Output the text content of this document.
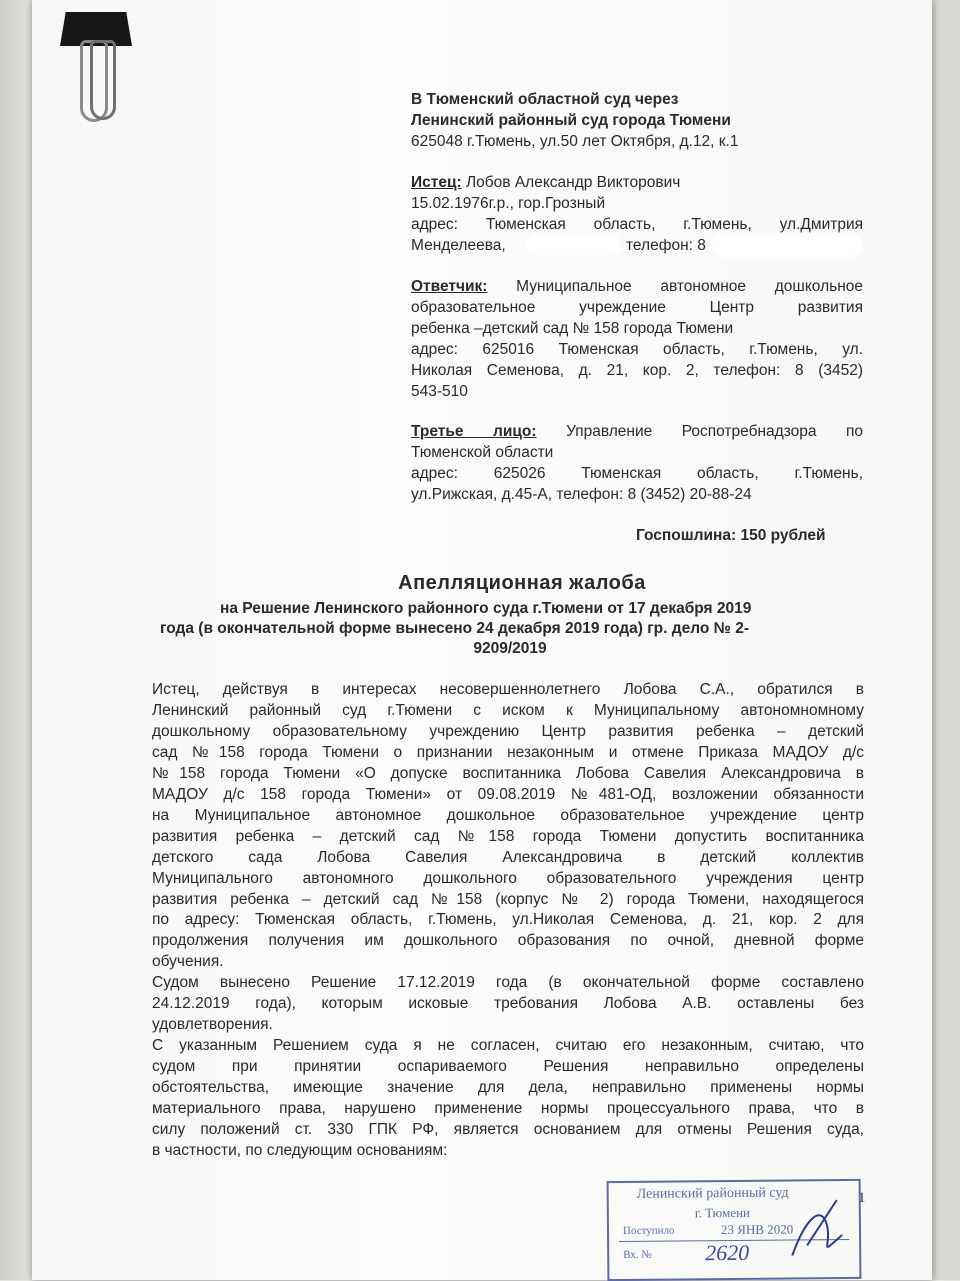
В Тюменский областной суд через
Ленинский районный суд города Тюмени
625048 г.Тюмень, ул.50 лет Октября, д.12, к.1
Истец: Лобов Александр Викторович
15.02.1976г.р., гор.Грозный
адрес: Тюменская область, г.Тюмень, ул.Дмитрия
Менделеева,	телефон: 8
Ответчик: Муниципальное автономное дошкольное
образовательное учреждение Центр развития
ребенка –детский сад № 158 города Тюмени
адрес: 625016 Тюменская область, г.Тюмень, ул.
Николая Семенова, д. 21, кор. 2, телефон: 8 (3452)
543-510
Третье лицо: Управление Роспотребнадзора по
Тюменской области
адрес: 625026 Тюменская область, г.Тюмень,
ул.Рижская, д.45-А, телефон: 8 (3452) 20-88-24
Госпошлина: 150 рублей
Апелляционная жалоба
на Решение Ленинского районного суда г.Тюмени от 17 декабря 2019
года (в окончательной форме вынесено 24 декабря 2019 года) гр. дело № 2-
9209/2019
Истец, действуя в интересах несовершеннолетнего Лобова С.А., обратился в
Ленинский районный суд г.Тюмени с иском к Муниципальному автономномному
дошкольному образовательному учреждению Центр развития ребенка – детский
сад №158 города Тюмени о признании незаконным и отмене Приказа МАДОУ д/с
№158 города Тюмени «О допуске воспитанника Лобова Савелия Александровича в
МАДОУ д/с 158 города Тюмени» от 09.08.2019 №481-ОД, возложении обязанности
на Муниципальное автономное дошкольное образовательное учреждение центр
развития ребенка – детский сад №158 города Тюмени допустить воспитанника
детского сада Лобова Савелия Александровича в детский коллектив
Муниципального автономного дошкольного образовательного учреждения центр
развития ребенка – детский сад №158 (корпус № 2) города Тюмени, находящегося
по адресу: Тюменская область, г.Тюмень, ул.Николая Семенова, д. 21, кор. 2 для
продолжения получения им дошкольного образования по очной, дневной форме
обучения.
Судом вынесено Решение 17.12.2019 года (в окончательной форме составлено
24.12.2019 года), которым исковые требования Лобова А.В. оставлены без
удовлетворения.
С указанным Решением суда я не согласен, считаю его незаконным, считаю, что
судом при принятии оспариваемого Решения неправильно определены
обстоятельства, имеющие значение для дела, неправильно применены нормы
материального права, нарушено применение нормы процессуального права, что в
силу положений ст. 330 ГПК РФ, является основанием для отмены Решения суда,
в частности, по следующим основаниям:
Ленинский районный суд
г. Тюмени
Поступило	23 ЯНВ 2020
Вх. № 2620
1
